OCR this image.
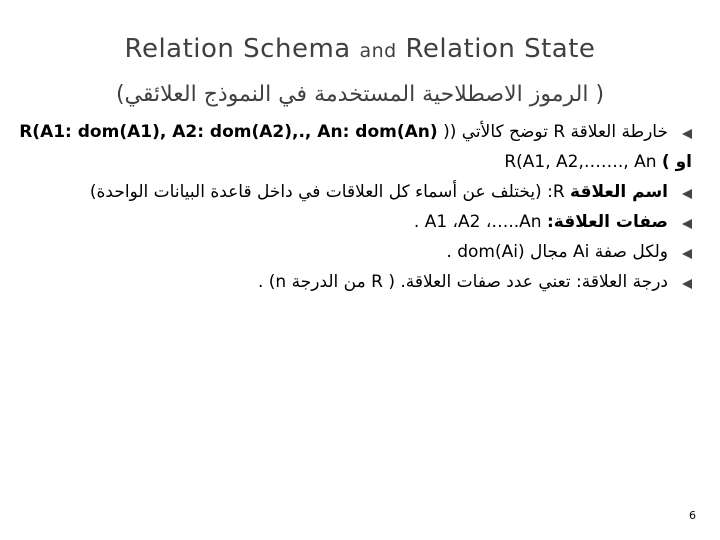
Relation Schema and Relation State
( الرموز الاصطلاحية المستخدمة في النموذج العلائقي)
خارطة العلاقة R توضح كالأتي (( R(A1: dom(A1), A2: dom(A2),., An: dom(An)
او ) R(A1, A2,……., An
اسم العلاقة R: (يختلف عن أسماء كل العلاقات في داخل قاعدة البيانات الواحدة)
صفات العلاقة: A1 ،A2 ،…..An .
ولكل صفة Ai مجال dom(Ai) .
درجة العلاقة: تعني عدد صفات العلاقة. ( R من الدرجة n) .
6
